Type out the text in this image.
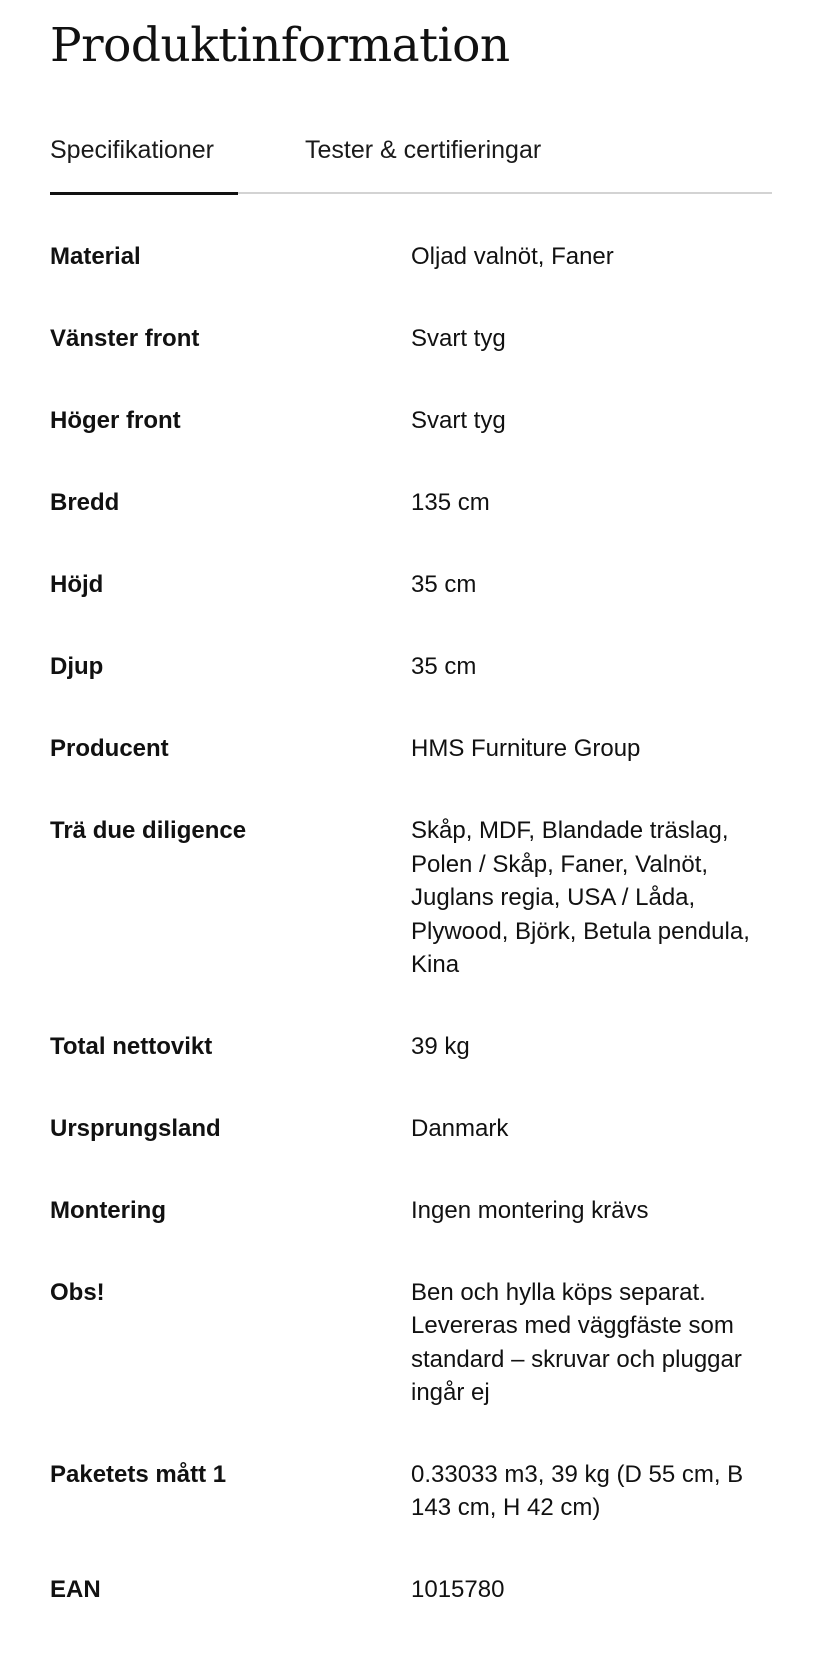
Produktinformation
Specifikationer	Tester & certifieringar
Material	Oljad valnöt, Faner
Vänster front	Svart tyg
Höger front	Svart tyg
Bredd	135 cm
Höjd	35 cm
Djup	35 cm
Producent	HMS Furniture Group
Trä due diligence	Skåp, MDF, Blandade träslag, Polen / Skåp, Faner, Valnöt, Juglans regia, USA / Låda, Plywood, Björk, Betula pendula, Kina
Total nettovikt	39 kg
Ursprungsland	Danmark
Montering	Ingen montering krävs
Obs!	Ben och hylla köps separat. Levereras med väggfäste som standard – skruvar och pluggar ingår ej
Paketets mått 1	0.33033 m3, 39 kg (D 55 cm, B 143 cm, H 42 cm)
EAN	1015780
